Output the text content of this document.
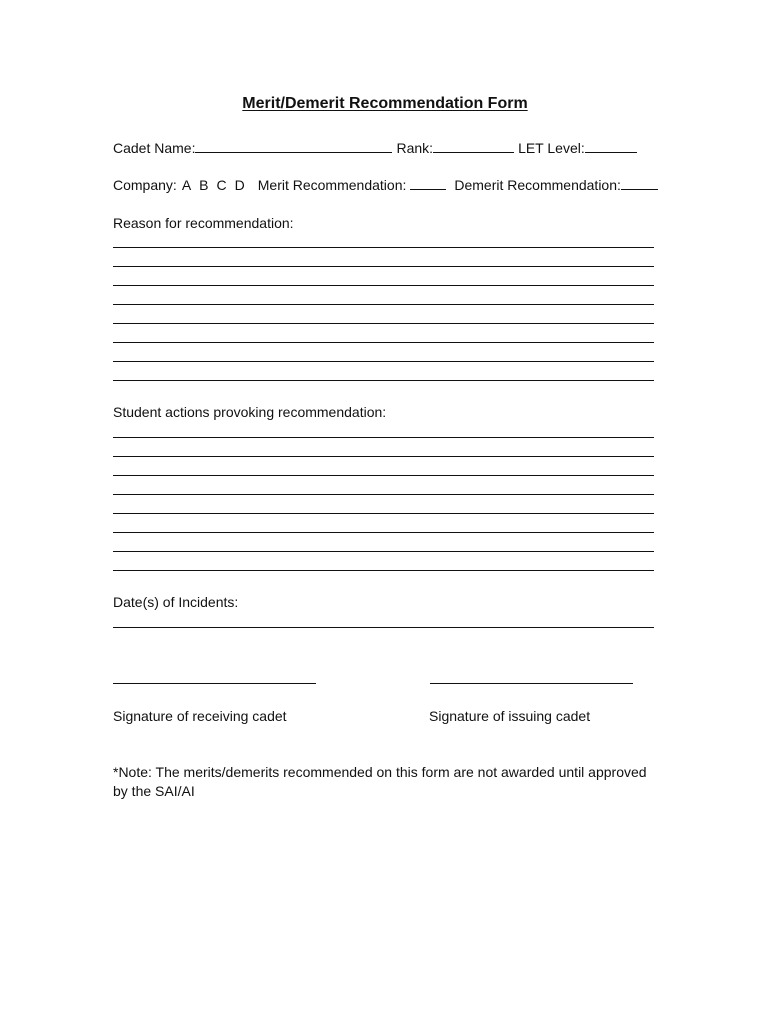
Merit/Demerit Recommendation Form
Cadet Name:	Rank:	LET Level:
Company: A B C D Merit Recommendation:	Demerit Recommendation:
Reason for recommendation:
Student actions provoking recommendation:
Date(s) of Incidents:
Signature of receiving cadet	Signature of issuing cadet
*Note: The merits/demerits recommended on this form are not awarded until approved by the SAI/AI
